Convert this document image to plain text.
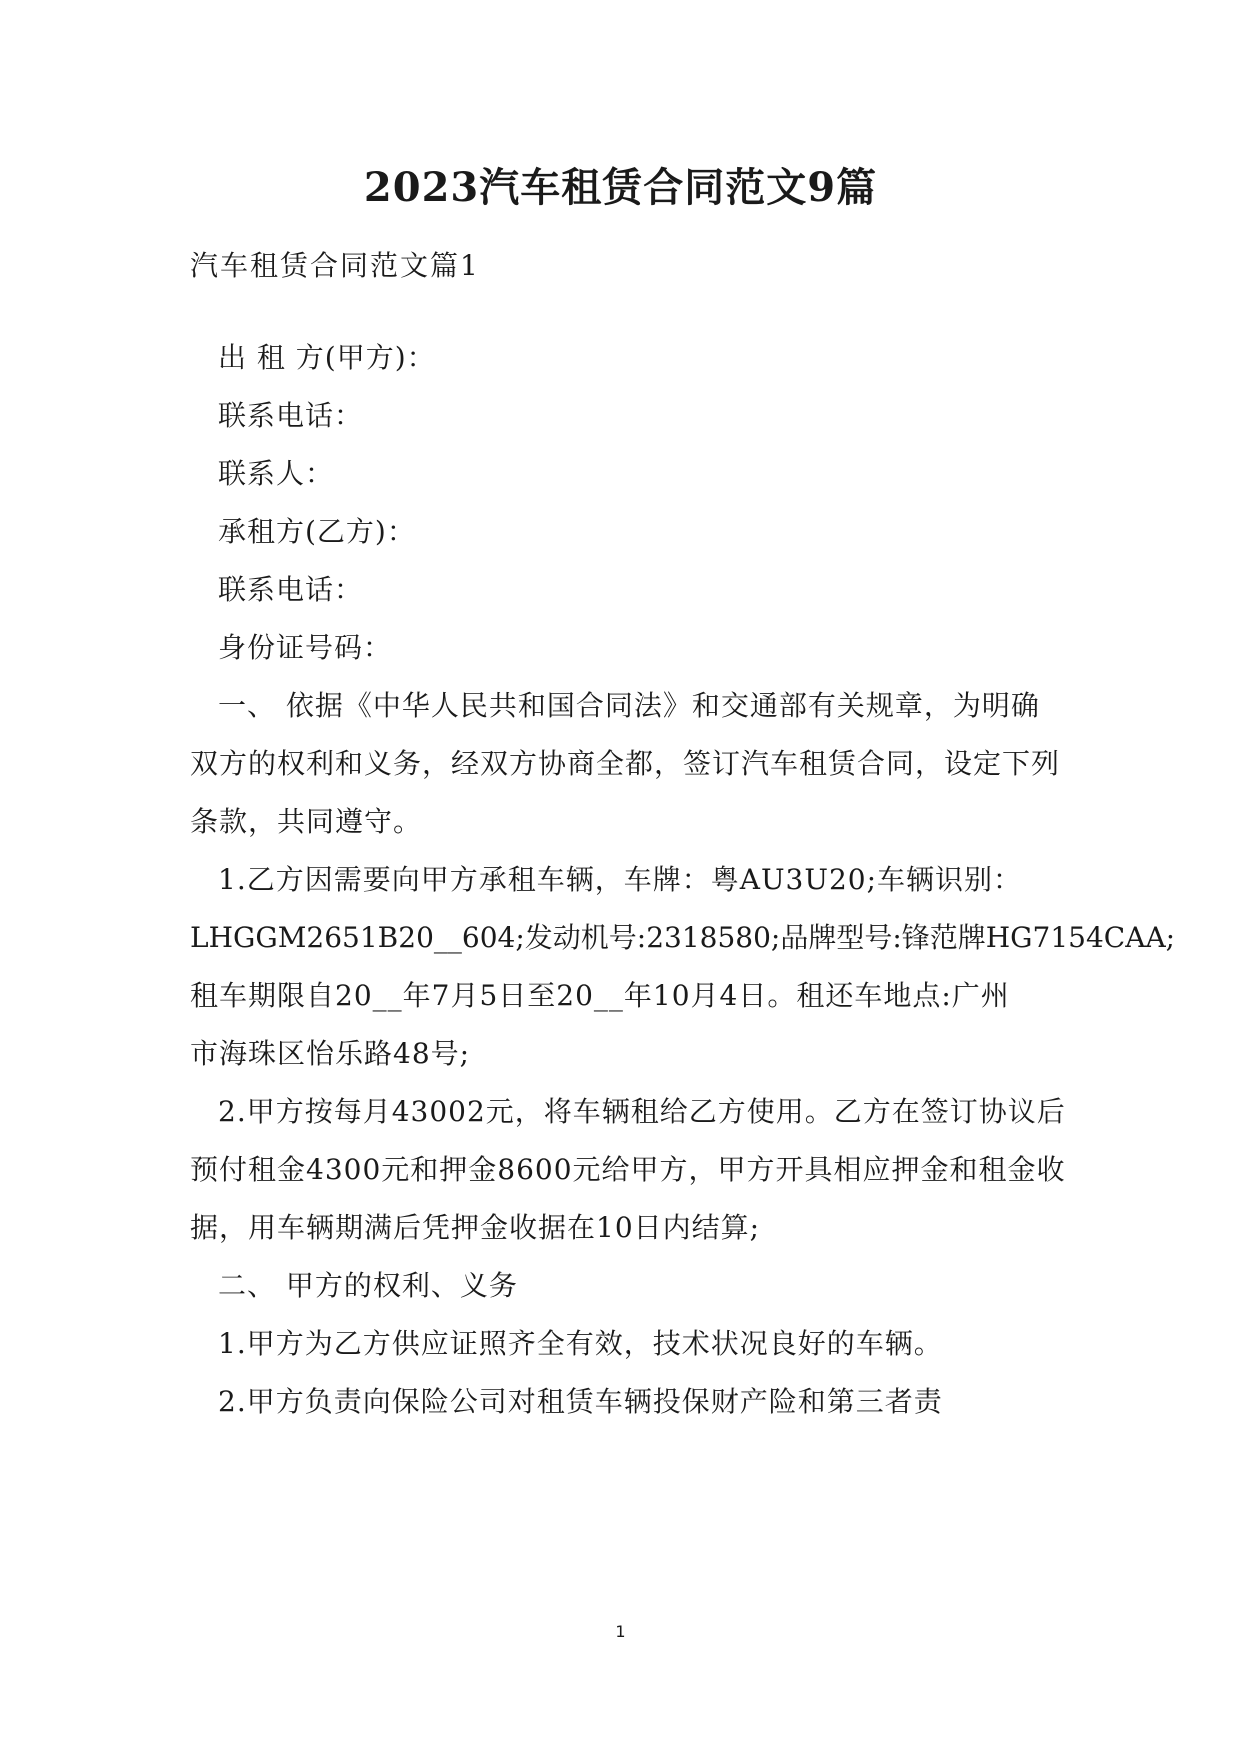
2023汽车租赁合同范文9篇
汽车租赁合同范文篇1
出 租 方(甲方)：
联系电话：
联系人：
承租方(乙方)：
联系电话：
身份证号码：
一、 依据《中华人民共和国合同法》和交通部有关规章，为明确
双方的权利和义务，经双方协商全都，签订汽车租赁合同，设定下列
条款，共同遵守。
1.乙方因需要向甲方承租车辆，车牌：粤AU3U20;车辆识别：
LHGGM2651B20__604;发动机号:2318580;品牌型号:锋范牌HG7154CAA;
租车期限自20__年7月5日至20__年10月4日。租还车地点:广州
市海珠区怡乐路48号;
2.甲方按每月43002元，将车辆租给乙方使用。乙方在签订协议后
预付租金4300元和押金8600元给甲方，甲方开具相应押金和租金收
据，用车辆期满后凭押金收据在10日内结算;
二、 甲方的权利、义务
1.甲方为乙方供应证照齐全有效，技术状况良好的车辆。
2.甲方负责向保险公司对租赁车辆投保财产险和第三者责
1
